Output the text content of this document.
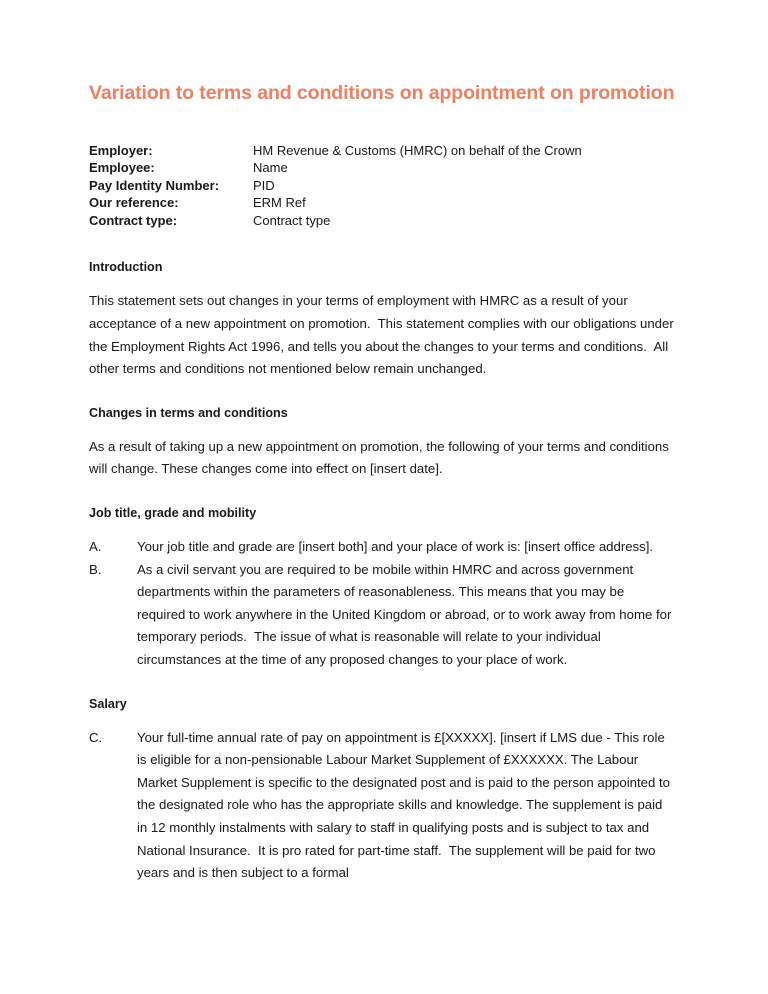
Variation to terms and conditions on appointment on promotion
Employer:	HM Revenue & Customs (HMRC) on behalf of the Crown
Employee:	Name
Pay Identity Number:	PID
Our reference:	ERM Ref
Contract type:	Contract type
Introduction

This statement sets out changes in your terms of employment with HMRC as a result of your acceptance of a new appointment on promotion.  This statement complies with our obligations under the Employment Rights Act 1996, and tells you about the changes to your terms and conditions.  All other terms and conditions not mentioned below remain unchanged.

Changes in terms and conditions

As a result of taking up a new appointment on promotion, the following of your terms and conditions will change. These changes come into effect on [insert date].

Job title, grade and mobility
A.	Your job title and grade are [insert both] and your place of work is: [insert office address].
B.	As a civil servant you are required to be mobile within HMRC and across government departments within the parameters of reasonableness. This means that you may be required to work anywhere in the United Kingdom or abroad, or to work away from home for temporary periods.  The issue of what is reasonable will relate to your individual circumstances at the time of any proposed changes to your place of work.
Salary
C.	Your full-time annual rate of pay on appointment is £[XXXXX]. [insert if LMS due - This role is eligible for a non-pensionable Labour Market Supplement of £XXXXXX. The Labour Market Supplement is specific to the designated post and is paid to the person appointed to the designated role who has the appropriate skills and knowledge. The supplement is paid in 12 monthly instalments with salary to staff in qualifying posts and is subject to tax and National Insurance.  It is pro rated for part-time staff.  The supplement will be paid for two years and is then subject to a formal
